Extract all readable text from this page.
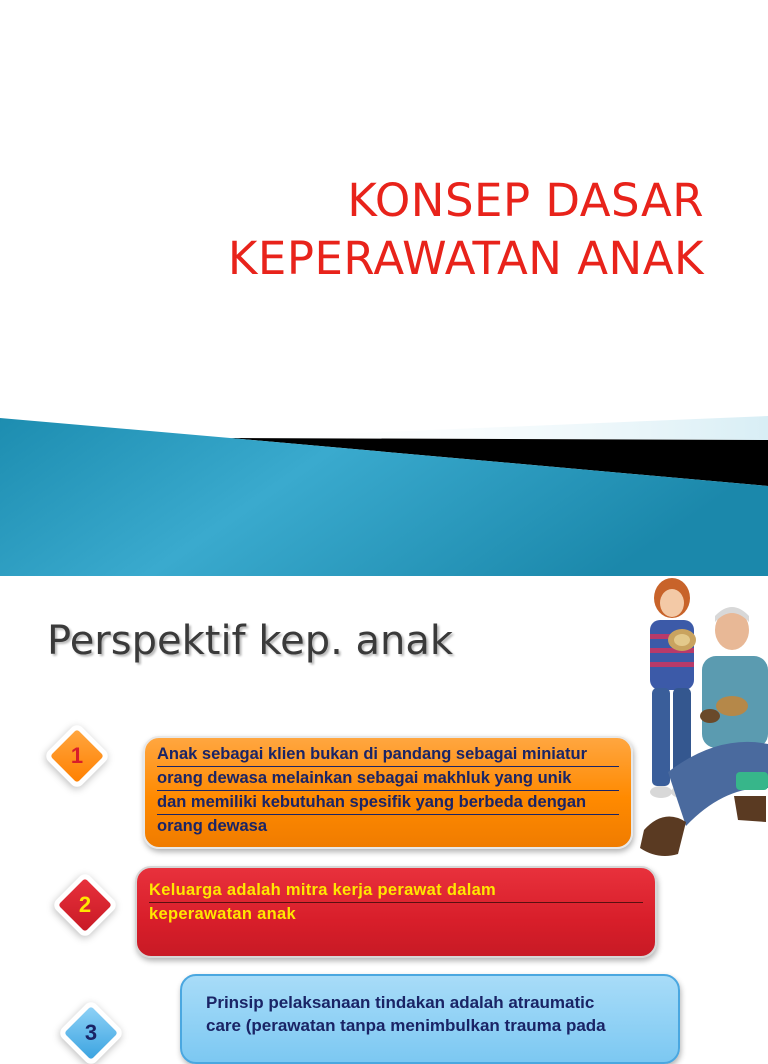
KONSEP DASAR
KEPERAWATAN ANAK
Perspektif kep. anak
1	Anak sebagai klien bukan di pandang sebagai miniatur
orang dewasa melainkan sebagai makhluk yang unik
dan memiliki kebutuhan spesifik yang berbeda dengan
orang dewasa
2
Keluarga adalah mitra kerja perawat dalam
keperawatan anak
3
Prinsip pelaksanaan tindakan adalah atraumatic
care (perawatan tanpa menimbulkan trauma pada
